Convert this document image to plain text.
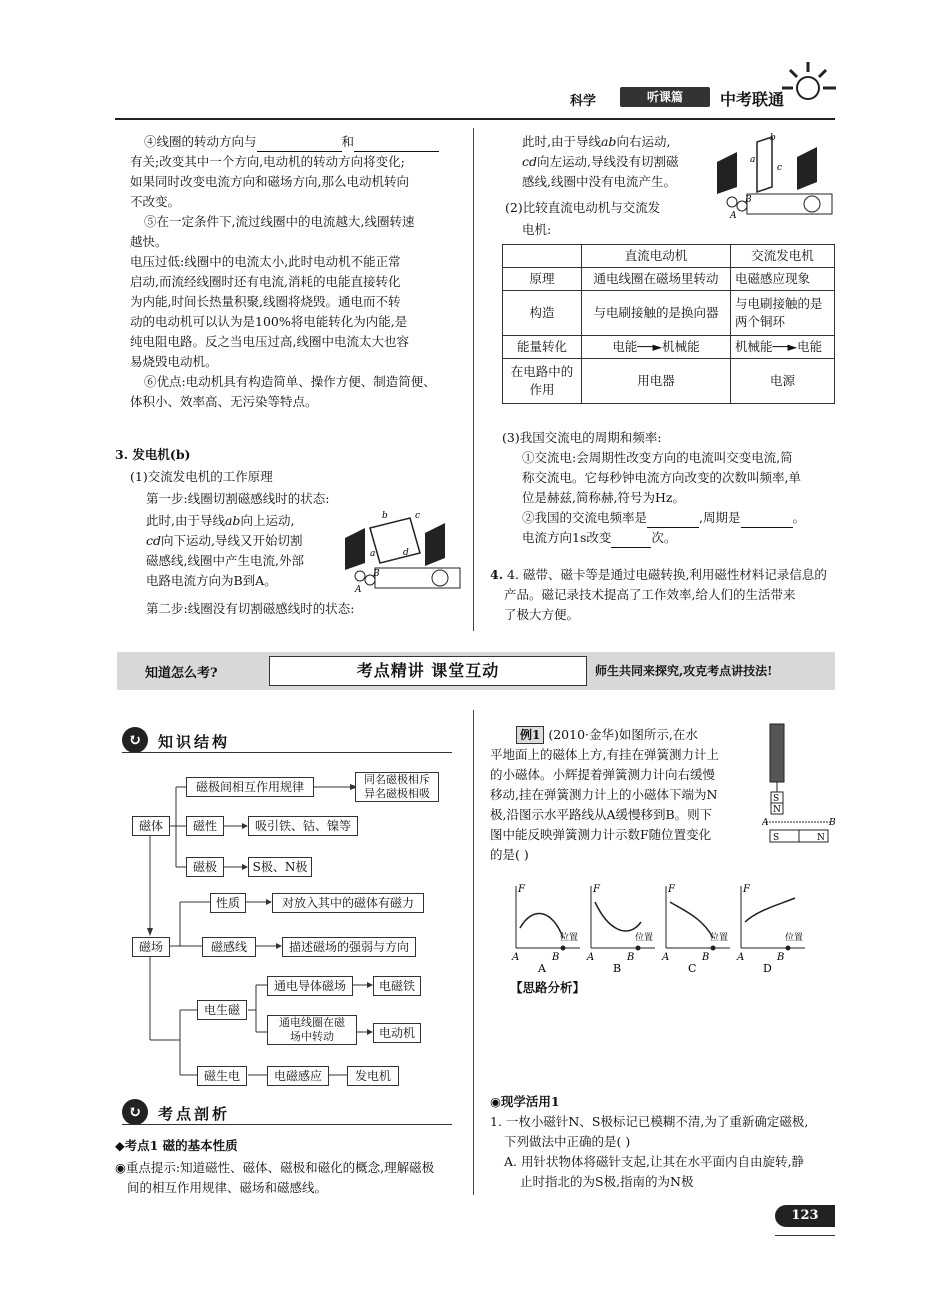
科学	听课篇	中考联通
④线圈的转动方向与	和
有关;改变其中一个方向,电动机的转动方向将变化;
如果同时改变电流方向和磁场方向,那么电动机转向
不改变。
⑤在一定条件下,流过线圈中的电流越大,线圈转速
越快。
电压过低:线圈中的电流太小,此时电动机不能正常
启动,而流经线圈时还有电流,消耗的电能直接转化
为内能,时间长热量积聚,线圈将烧毁。通电而不转
动的电动机可以认为是100%将电能转化为内能,是
纯电阻电路。反之当电压过高,线圈中电流太大也容
易烧毁电动机。
⑥优点:电动机具有构造简单、操作方便、制造简便、
体积小、效率高、无污染等特点。
3. 发电机(b)
(1)交流发电机的工作原理
第一步:线圈切割磁感线时的状态:
此时,由于导线ab向上运动,
cd向下运动,导线又开始切割
磁感线,线圈中产生电流,外部
电路电流方向为B到A。
b	c
a	d
A
B
第二步:线圈没有切割磁感线时的状态:
此时,由于导线ab向右运动,
cd向左运动,导线没有切割磁
感线,线圈中没有电流产生。
b
c
a
A
B
(2)比较直流电动机与交流发
电机:
	直流电动机	交流发电机
原理	通电线圈在磁场里转动	电磁感应现象
构造	与电刷接触的是换向器	与电刷接触的是两个铜环
能量转化	电能──►机械能	机械能──►电能
在电路中的作用	用电器	电源
(3)我国交流电的周期和频率:
①交流电:会周期性改变方向的电流叫交变电流,简
称交流电。它每秒钟电流方向改变的次数叫频率,单
位是赫兹,简称赫,符号为Hz。
②我国的交流电频率是	,周期是	。
电流方向1s改变	次。
4. 4. 磁带、磁卡等是通过电磁转换,利用磁性材料记录信息的
产品。磁记录技术提高了工作效率,给人们的生活带来
了极大方便。
知道怎么考?	考点精讲 课堂互动	师生共同来探究,攻克考点讲技法!
↻	知识结构
磁体
磁极间相互作用规律
同名磁极相斥
异名磁极相吸
磁性	吸引铁、钴、镍等
磁极	S极、N极
磁场
性质	对放入其中的磁体有磁力
磁感线	描述磁场的强弱与方向
电生磁
通电导体磁场	电磁铁
通电线圈在磁
场中转动	电动机
磁生电	电磁感应	发电机
↻	考点剖析
◆考点1 磁的基本性质
◉重点提示:知道磁性、磁体、磁极和磁化的概念,理解磁极
间的相互作用规律、磁场和磁感线。
例1 (2010·金华)如图所示,在水
平地面上的磁体上方,有挂在弹簧测力计上
的小磁体。小辉提着弹簧测力计向右缓慢
移动,挂在弹簧测力计上的小磁体下端为N
极,沿图示水平路线从A缓慢移到B。则下
图中能反映弹簧测力计示数F随位置变化
的是( )
S
N
A	B
S	N
F
位置
A	B
A
F
位置
A	B
B
F
位置
A	B
C
F
位置
A	B
D
【思路分析】
◉现学活用1
1. 一枚小磁针N、S极标记已模糊不清,为了重新确定磁极,
下列做法中正确的是( )
A. 用针状物体将磁针支起,让其在水平面内自由旋转,静
止时指北的为S极,指南的为N极
123
